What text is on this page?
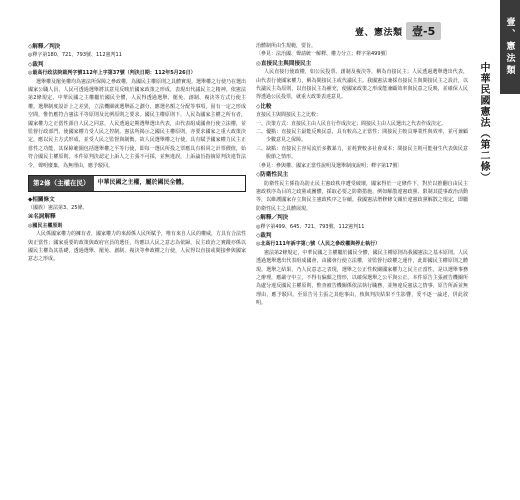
壹、憲法類 壹-5	壹、憲法類
中華民國憲法（第二條）
◇解釋／判決
◎釋字第180、721、793號、112憲判11
◇裁判
◎最高行政法院裁判字號112年上字第37號（判決日期：112年5月26日）
選舉權及罷免權均為憲法所保障之參政權，為國民主權原則之具體實現。選舉權之行使乃在選出國家公職人員，人民可透過選舉將其意見反映於國家政策之形成，表現出代議民主之精神。依憲法第2條規定，中華民國之主權屬於國民全體，人民得透過選舉、罷免、創制、複決等方式行使主權。選舉制度設計上之差異，立法機關就選舉區之劃分、應選名額之分配等事項，固有一定之形成空間，惟仍應符合憲法平等原則及比例原則之要求。國民主權原則下，人民為國家主權之所有者，國家權力之正當性源自人民之同意，人民透過定期選舉選出代表，由代表組成國會行使立法權，並監督行政部門，使國家權力受人民之控制。憲法所揭示之國民主權原則，亦要求國家之重大政策決定，應以民主方式形成，並受人民之監督與制衡。故人民選舉權之行使，具有賦予國家權力民主正當性之功能，其保障範圍包括選舉權之平等行使，即每一選民所投之票應具有相同之計票價值，始符合國民主權原則。本件原判決認定上訴人之主張不可採，並無違誤，上訴論旨指摘原判決違背法令，聲明廢棄，為無理由，應予駁回。
第2條（主權在民）	中華民國之主權，屬於國民全體。
◆相關條文
（國族）憲法第3、25條。
⌘名詞解釋
◎國民主權原則
人民係國家權力的擁有者，國家權力的來源係人民所賦予，唯有來自人民的權威，方具有合法性與正當性；國家重要的政策與政府官員的選任，均應以人民之意志為依歸，民主政治之實踐亦係以國民主權為其基礎，透過選舉、罷免、創制、複決等參政權之行使，人民得以直接或間接參與國家意志之形成。
治體制所由生規範，要旨。
〔參見：法治國、聲請統一解釋、權力分立；釋字第499號〕
◎直接民主與間接民主
人民直接行使政權，如公民投票、創制及複決等，稱為直接民主；人民透過選舉選出代表，由代表行使國家權力，稱為間接民主或代議民主。我國憲法兼採直接民主與間接民主之設計，以代議民主為原則，以直接民主為補充，使國家政策之形成能兼顧效率與民意之反映，並確保人民得透過公民投票，就重大政策表達意見。
◇比較
直接民主與間接民主之比較：
一、決策方式：直接民主由人民自行作成決定；間接民主由人民選出之代表作成決定。
二、優點：直接民主最能反映民意，具有較高之正當性；間接民主較具專業性與效率，並可兼顧少數意見之保障。
三、缺點：直接民主容易流於多數暴力，並耗費較多社會成本；間接民主則可能發生代表與民意脫節之情形。
〔參見：參與權、國家正當性說明及選舉制度說明；釋字第17號〕
◇防衛性民主
防衛性民主係指為防止民主憲政秩序遭受破壞，國家得於一定條件下，對於以推翻自由民主憲政秩序為目的之政黨或團體，採取必要之防衛措施，例如解散違憲政黨、限制其從事政治活動等，以維護國家存立與民主憲政秩序之存續。我國憲法增修條文關於違憲政黨解散之規定，即屬防衛性民主之具體展現。
◇解釋／判決
◎釋字第499、645、721、793號、112憲判11
◇裁判
◎北高行111年訴字第○號（人民之參政權與停止執行）
憲法第2條規定，中華民國之主權屬於國民全體，國民主權原則為我國憲法之基本原則。人民透過選舉選出代表組成國會，由國會行使立法權，並監督行政權之運作，此即國民主權原則之體現。選舉之結果，乃人民意志之表現，選舉之公正性攸關國家權力之民主正當性，是以選舉事務之辦理，應嚴守中立，不得有偏頗之情形，以確保選舉之公平與公正。本件原告主張被告機關所為處分違反國民主權原則，惟查被告機關係依法執行職務，並無違反憲法之情事，原告所訴並無理由，應予駁回。至原告另主張之其他事由，核與判決結果不生影響，爰不逐一論述，併此敘明。
